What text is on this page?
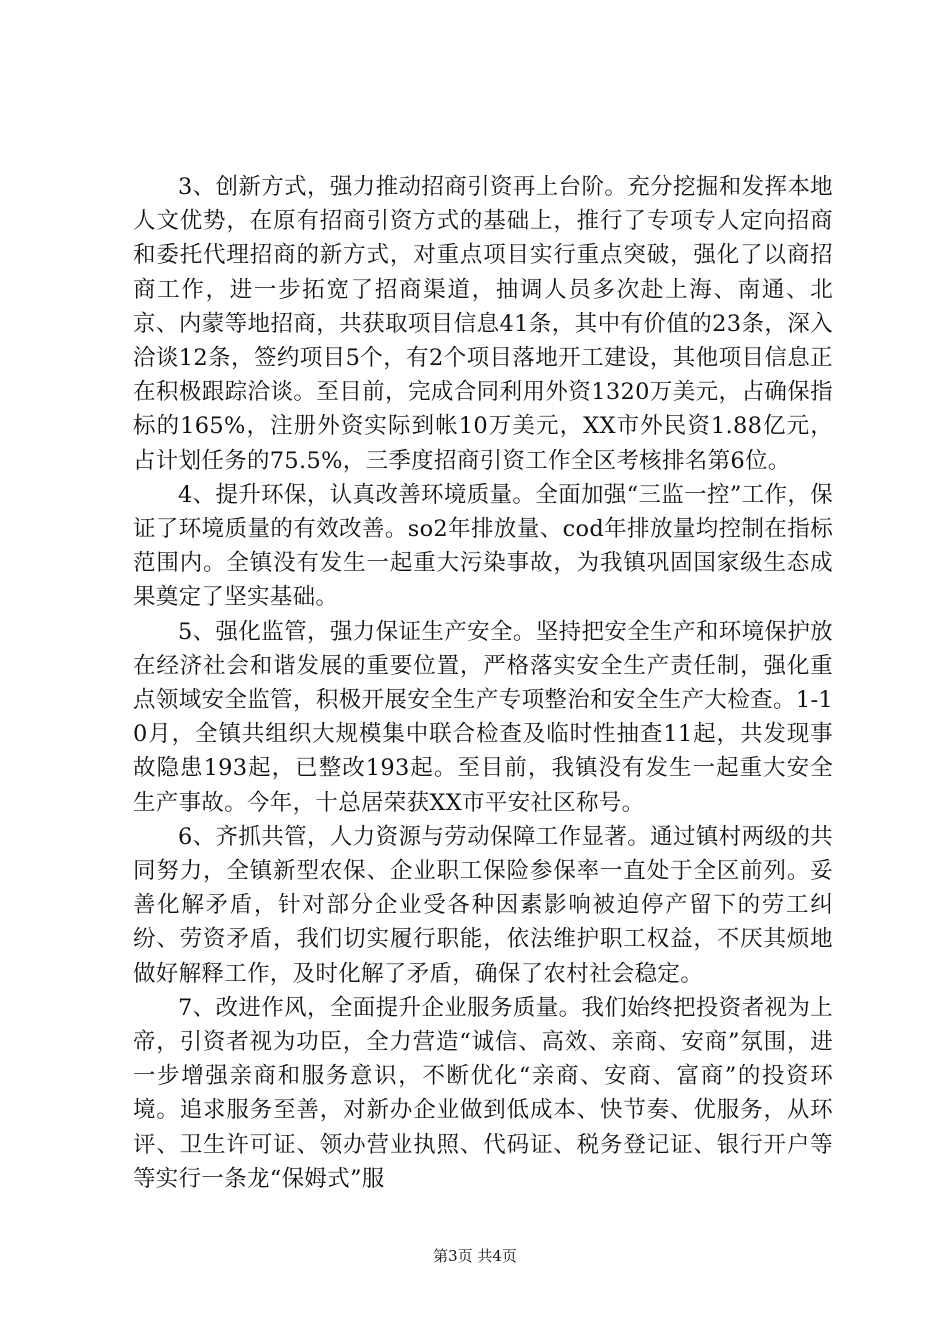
3、创新方式，强力推动招商引资再上台阶。充分挖掘和发挥本地人文优势，在原有招商引资方式的基础上，推行了专项专人定向招商和委托代理招商的新方式，对重点项目实行重点突破，强化了以商招商工作，进一步拓宽了招商渠道，抽调人员多次赴上海、南通、北京、内蒙等地招商，共获取项目信息41条，其中有价值的23条，深入洽谈12条，签约项目5个，有2个项目落地开工建设，其他项目信息正在积极跟踪洽谈。至目前，完成合同利用外资1320万美元，占确保指标的165%，注册外资实际到帐10万美元，XX市外民资1.88亿元，占计划任务的75.5%，三季度招商引资工作全区考核排名第6位。

4、提升环保，认真改善环境质量。全面加强“三监一控”工作，保证了环境质量的有效改善。so2年排放量、cod年排放量均控制在指标范围内。全镇没有发生一起重大污染事故，为我镇巩固国家级生态成果奠定了坚实基础。

5、强化监管，强力保证生产安全。坚持把安全生产和环境保护放在经济社会和谐发展的重要位置，严格落实安全生产责任制，强化重点领域安全监管，积极开展安全生产专项整治和安全生产大检查。1-10月，全镇共组织大规模集中联合检查及临时性抽查11起，共发现事故隐患193起，已整改193起。至目前，我镇没有发生一起重大安全生产事故。今年，十总居荣获XX市平安社区称号。

6、齐抓共管，人力资源与劳动保障工作显著。通过镇村两级的共同努力，全镇新型农保、企业职工保险参保率一直处于全区前列。妥善化解矛盾，针对部分企业受各种因素影响被迫停产留下的劳工纠纷、劳资矛盾，我们切实履行职能，依法维护职工权益，不厌其烦地做好解释工作，及时化解了矛盾，确保了农村社会稳定。

7、改进作风，全面提升企业服务质量。我们始终把投资者视为上帝，引资者视为功臣，全力营造“诚信、高效、亲商、安商”氛围，进一步增强亲商和服务意识，不断优化“亲商、安商、富商”的投资环境。追求服务至善，对新办企业做到低成本、快节奏、优服务，从环评、卫生许可证、领办营业执照、代码证、税务登记证、银行开户等等实行一条龙“保姆式”服

第3页 共4页
